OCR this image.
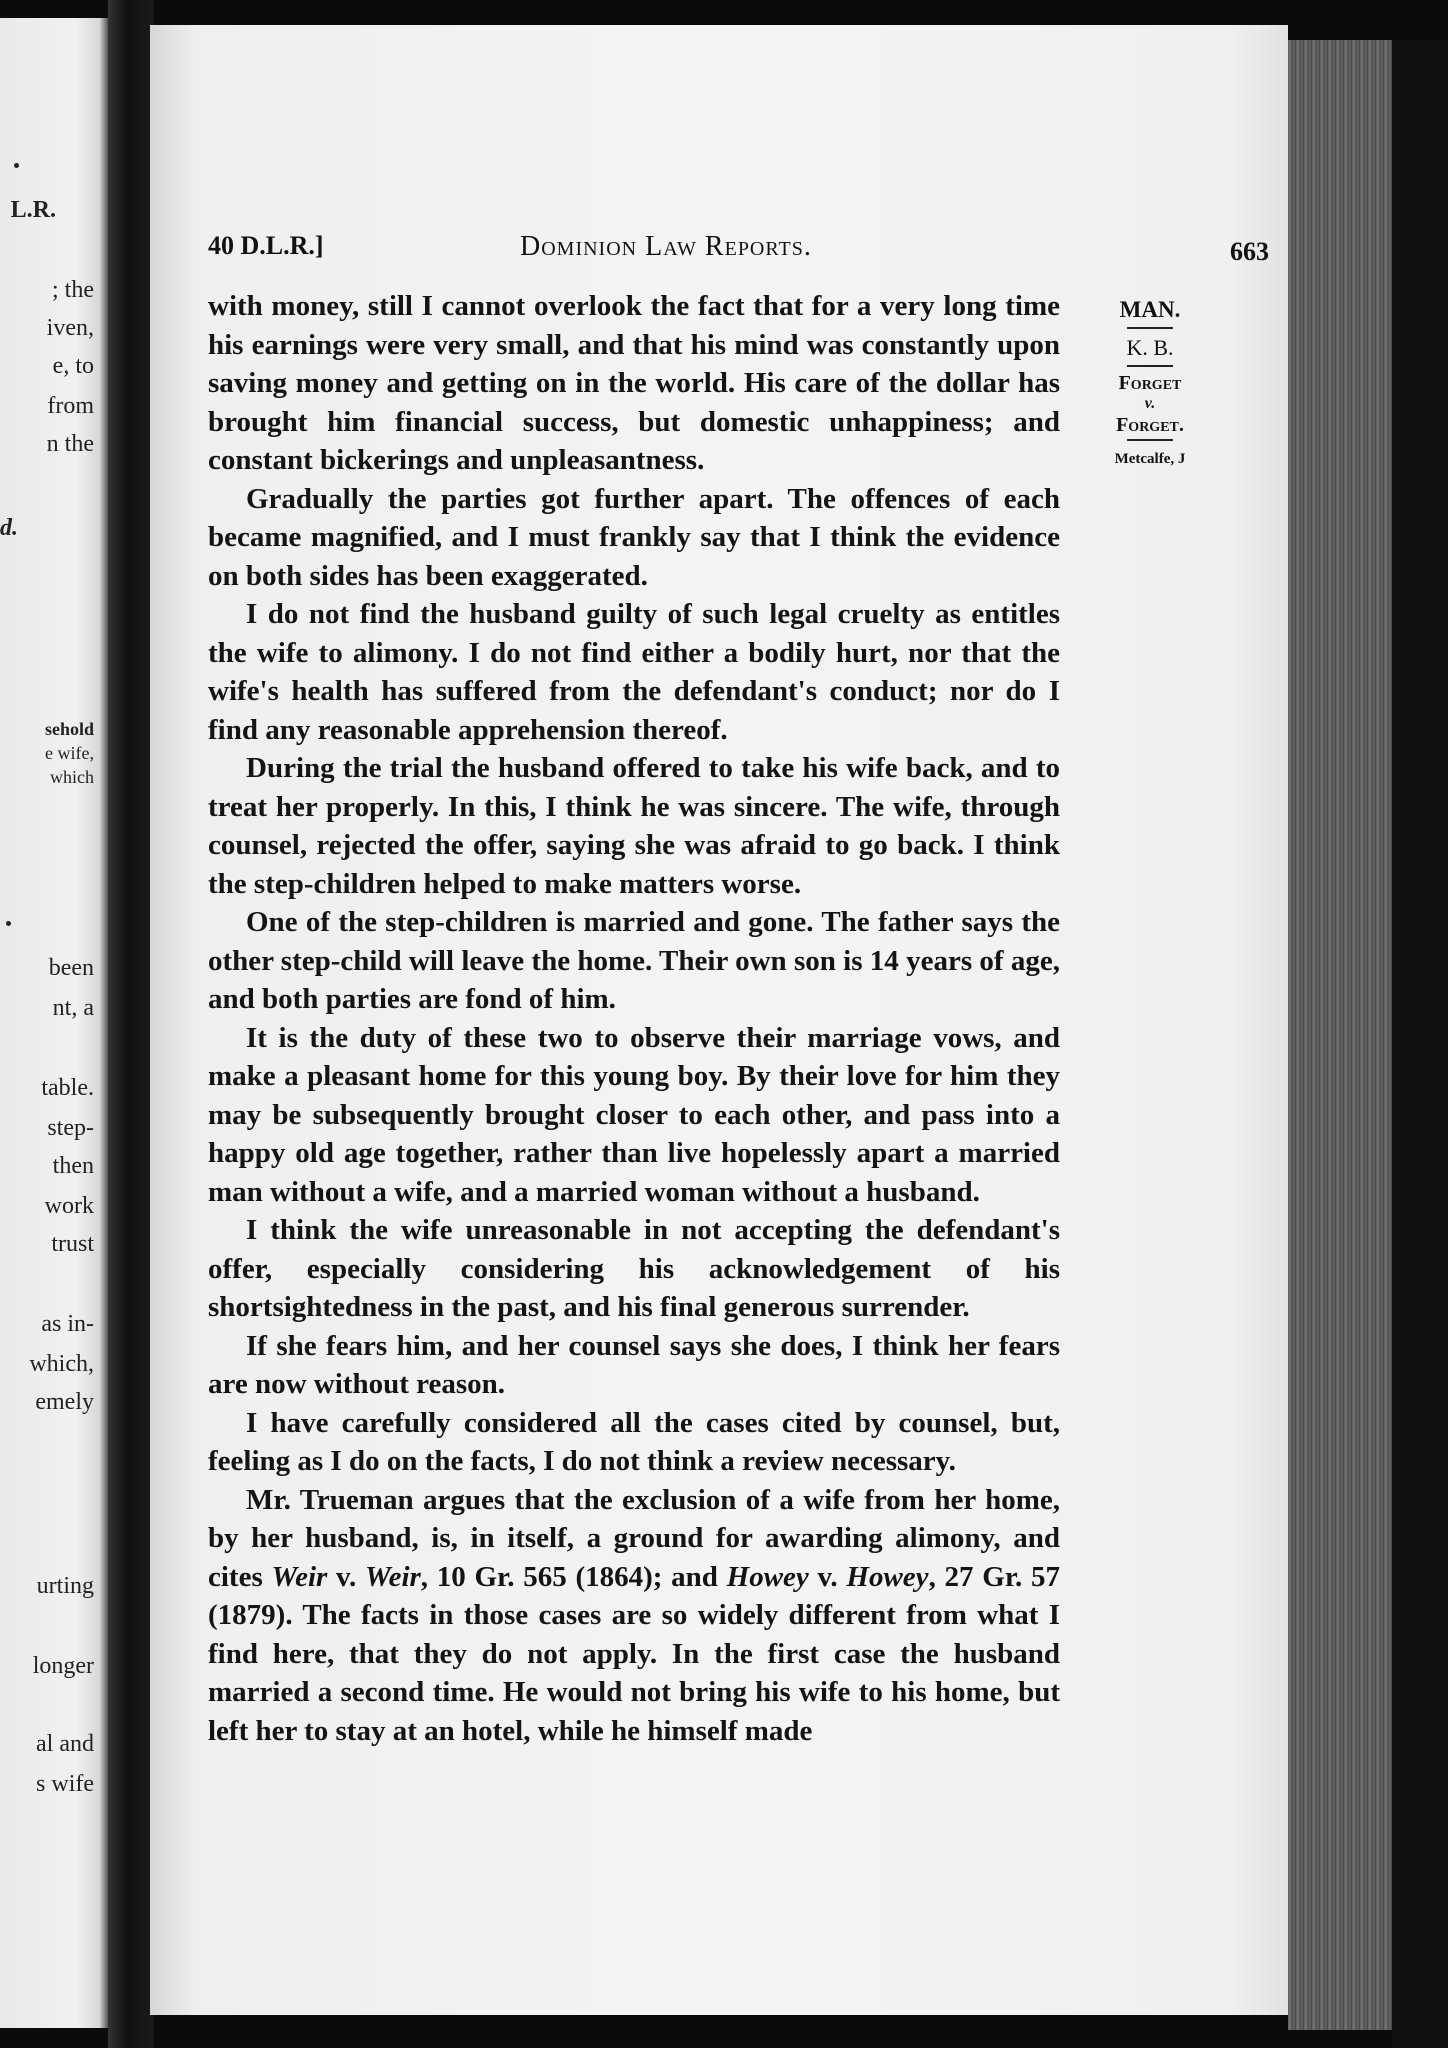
L.R.
; the
iven,
e, to
from
n the
d.
sehold
e wife,
which
been
nt, a
table.
step-
then
work
trust
as in-
which,
emely
urting
longer
al and
s wife
40 D.L.R.]	Dominion Law Reports.	663

with money, still I cannot overlook the fact that for a very long time his earnings were very small, and that his mind was constantly upon saving money and getting on in the world. His care of the dollar has brought him financial success, but domestic unhappiness; and constant bickerings and unpleasantness.

Gradually the parties got further apart. The offences of each became magnified, and I must frankly say that I think the evidence on both sides has been exaggerated.

I do not find the husband guilty of such legal cruelty as entitles the wife to alimony. I do not find either a bodily hurt, nor that the wife's health has suffered from the defendant's conduct; nor do I find any reasonable apprehension thereof.

During the trial the husband offered to take his wife back, and to treat her properly. In this, I think he was sincere. The wife, through counsel, rejected the offer, saying she was afraid to go back. I think the step-children helped to make matters worse.

One of the step-children is married and gone. The father says the other step-child will leave the home. Their own son is 14 years of age, and both parties are fond of him.

It is the duty of these two to observe their marriage vows, and make a pleasant home for this young boy. By their love for him they may be subsequently brought closer to each other, and pass into a happy old age together, rather than live hopelessly apart a married man without a wife, and a married woman without a husband.

I think the wife unreasonable in not accepting the defendant's offer, especially considering his acknowledgement of his shortsightedness in the past, and his final generous surrender.

If she fears him, and her counsel says she does, I think her fears are now without reason.

I have carefully considered all the cases cited by counsel, but, feeling as I do on the facts, I do not think a review necessary.

Mr. Trueman argues that the exclusion of a wife from her home, by her husband, is, in itself, a ground for awarding alimony, and cites Weir v. Weir, 10 Gr. 565 (1864); and Howey v. Howey, 27 Gr. 57 (1879). The facts in those cases are so widely different from what I find here, that they do not apply. In the first case the husband married a second time. He would not bring his wife to his home, but left her to stay at an hotel, while he himself made

MAN.
K. B.
Forget
v.
Forget.
Metcalfe, J
